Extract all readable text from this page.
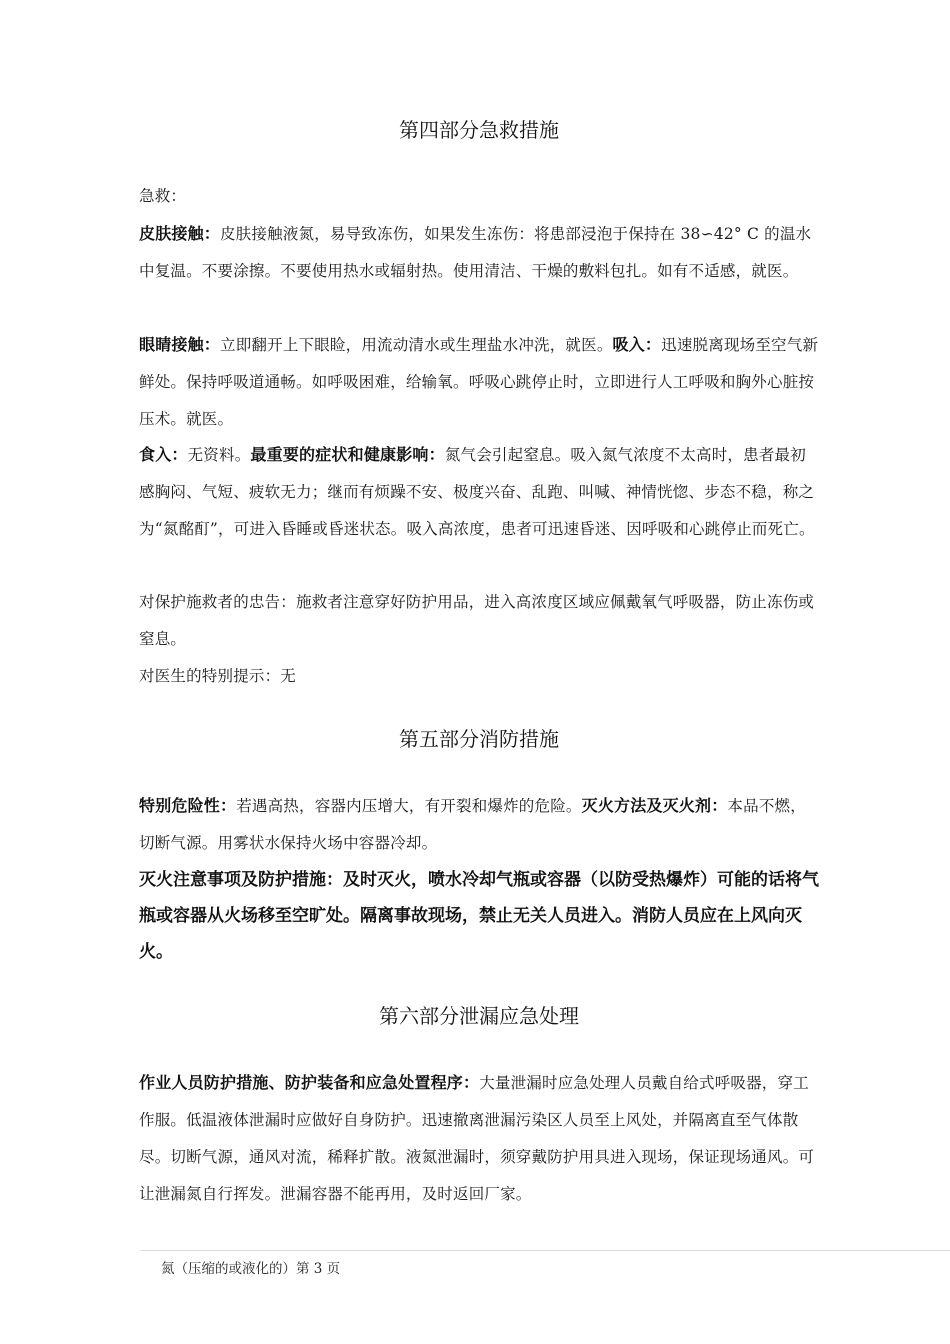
第四部分急救措施

急救：

皮肤接触：皮肤接触液氮，易导致冻伤，如果发生冻伤：将患部浸泡于保持在 38∽42° C 的温水中复温。不要涂擦。不要使用热水或辐射热。使用清洁、干燥的敷料包扎。如有不适感，就医。

眼睛接触：立即翻开上下眼睑，用流动清水或生理盐水冲洗，就医。吸入：迅速脱离现场至空气新鲜处。保持呼吸道通畅。如呼吸困难，给输氧。呼吸心跳停止时，立即进行人工呼吸和胸外心脏按压术。就医。

食入：无资料。最重要的症状和健康影响：氮气会引起窒息。吸入氮气浓度不太高时，患者最初感胸闷、气短、疲软无力；继而有烦躁不安、极度兴奋、乱跑、叫喊、神情恍惚、步态不稳，称之为“氮酩酊”，可进入昏睡或昏迷状态。吸入高浓度，患者可迅速昏迷、因呼吸和心跳停止而死亡。

对保护施救者的忠告：施救者注意穿好防护用品，进入高浓度区域应佩戴氧气呼吸器，防止冻伤或窒息。

对医生的特别提示：无

第五部分消防措施

特别危险性：若遇高热，容器内压增大，有开裂和爆炸的危险。灭火方法及灭火剂：本品不燃，切断气源。用雾状水保持火场中容器冷却。

灭火注意事项及防护措施：及时灭火，喷水冷却气瓶或容器（以防受热爆炸）可能的话将气瓶或容器从火场移至空旷处。隔离事故现场，禁止无关人员进入。消防人员应在上风向灭火。

第六部分泄漏应急处理

作业人员防护措施、防护装备和应急处置程序：大量泄漏时应急处理人员戴自给式呼吸器，穿工作服。低温液体泄漏时应做好自身防护。迅速撤离泄漏污染区人员至上风处，并隔离直至气体散尽。切断气源，通风对流，稀释扩散。液氮泄漏时，须穿戴防护用具进入现场，保证现场通风。可让泄漏氮自行挥发。泄漏容器不能再用，及时返回厂家。

氮（压缩的或液化的）第 3 页
